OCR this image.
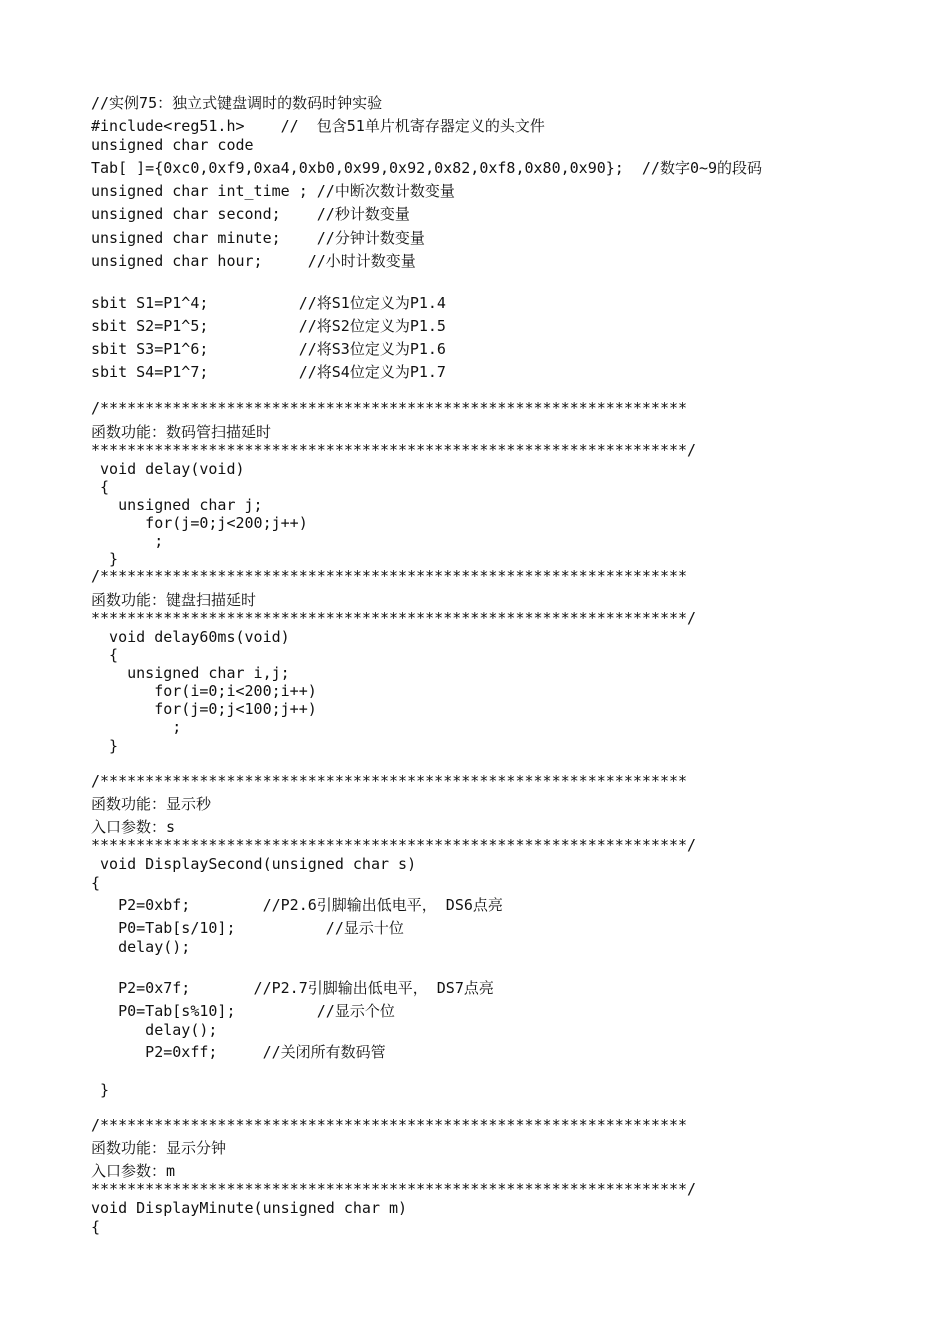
//实例75：独立式键盘调时的数码时钟实验
#include<reg51.h>    //  包含51单片机寄存器定义的头文件
unsigned char code
Tab[ ]={0xc0,0xf9,0xa4,0xb0,0x99,0x92,0x82,0xf8,0x80,0x90};  //数字0~9的段码
unsigned char int_time ; //中断次数计数变量
unsigned char second;    //秒计数变量
unsigned char minute;    //分钟计数变量
unsigned char hour;     //小时计数变量
sbit S1=P1^4;          //将S1位定义为P1.4
sbit S2=P1^5;          //将S2位定义为P1.5
sbit S3=P1^6;          //将S3位定义为P1.6
sbit S4=P1^7;          //将S4位定义为P1.7
/*****************************************************************
函数功能：数码管扫描延时
******************************************************************/
void delay(void)
{
unsigned char j;
for(j=0;j<200;j++)
;
}
/*****************************************************************
函数功能：键盘扫描延时
******************************************************************/
void delay60ms(void)
{
unsigned char i,j;
for(i=0;i<200;i++)
for(j=0;j<100;j++)
;
}
/*****************************************************************
函数功能：显示秒
入口参数：s
******************************************************************/
void DisplaySecond(unsigned char s)
{
P2=0xbf;        //P2.6引脚输出低电平， DS6点亮
P0=Tab[s/10];          //显示十位
delay();
P2=0x7f;       //P2.7引脚输出低电平， DS7点亮
P0=Tab[s%10];         //显示个位
delay();
P2=0xff;     //关闭所有数码管
}
/*****************************************************************
函数功能：显示分钟
入口参数：m
******************************************************************/
void DisplayMinute(unsigned char m)
{
